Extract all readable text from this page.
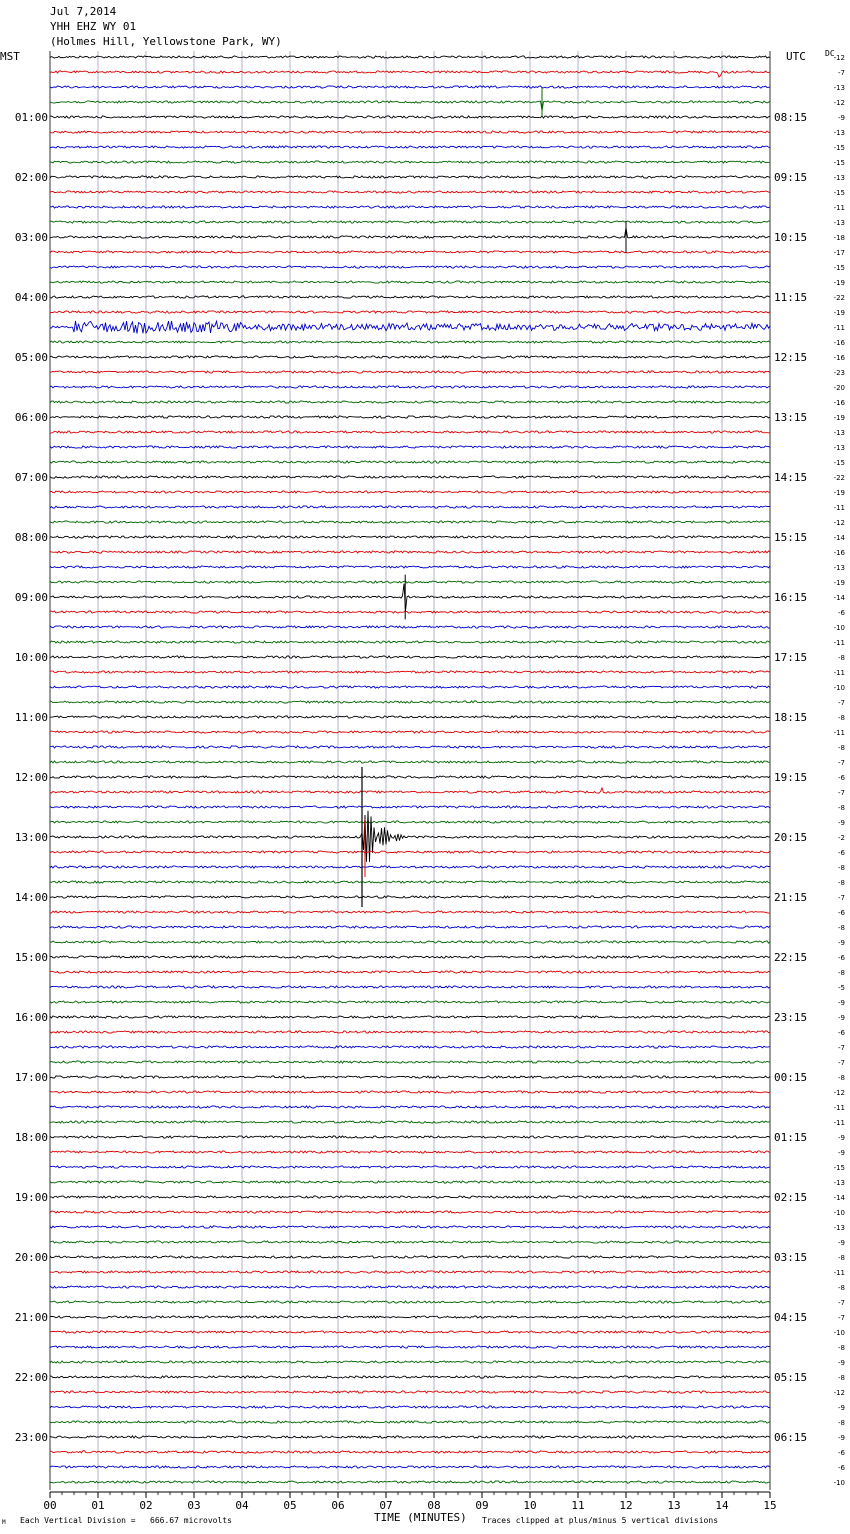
Jul 7,2014
YHH EHZ WY 01
(Holmes Hill, Yellowstone Park, WY)
MST	UTC DC
01:00
02:00
03:00
04:00
05:00
06:00
07:00
08:00
09:00
10:00
11:00
12:00
13:00
14:00
15:00
16:00
17:00
18:00
19:00
20:00
21:00
22:00
23:00
08:15
09:15
10:15
11:15
12:15
13:15
14:15
15:15
16:15
17:15
18:15
19:15
20:15
21:15
22:15
23:15
00:15
01:15
02:15
03:15
04:15
05:15
06:15
-12
-7
-13
-12
-9
-13
-15
-15
-13
-15
-11
-13
-18
-17
-15
-19
-22
-19
-11
-16
-16
-23
-20
-16
-19
-13
-13
-15
-22
-19
-11
-12
-14
-16
-13
-19
-14
-6
-10
-11
-8
-11
-10
-7
-8
-11
-8
-7
-6
-7
-8
-9
-2
-6
-8
-8
-7
-6
-8
-9
-6
-8
-5
-9
-9
-6
-7
-7
-8
-12
-11
-11
-9
-9
-15
-13
-14
-10
-13
-9
-8
-11
-8
-7
-7
-10
-8
-9
-8
-12
-9
-8
-9
-6
-6
-10
00	01	02	03	04	05	06	07	08	09	10	11	12	13	14	15
TIME (MINUTES)
Each Vertical Division =   666.67 microvolts	Traces clipped at plus/minus 5 vertical divisions
M
